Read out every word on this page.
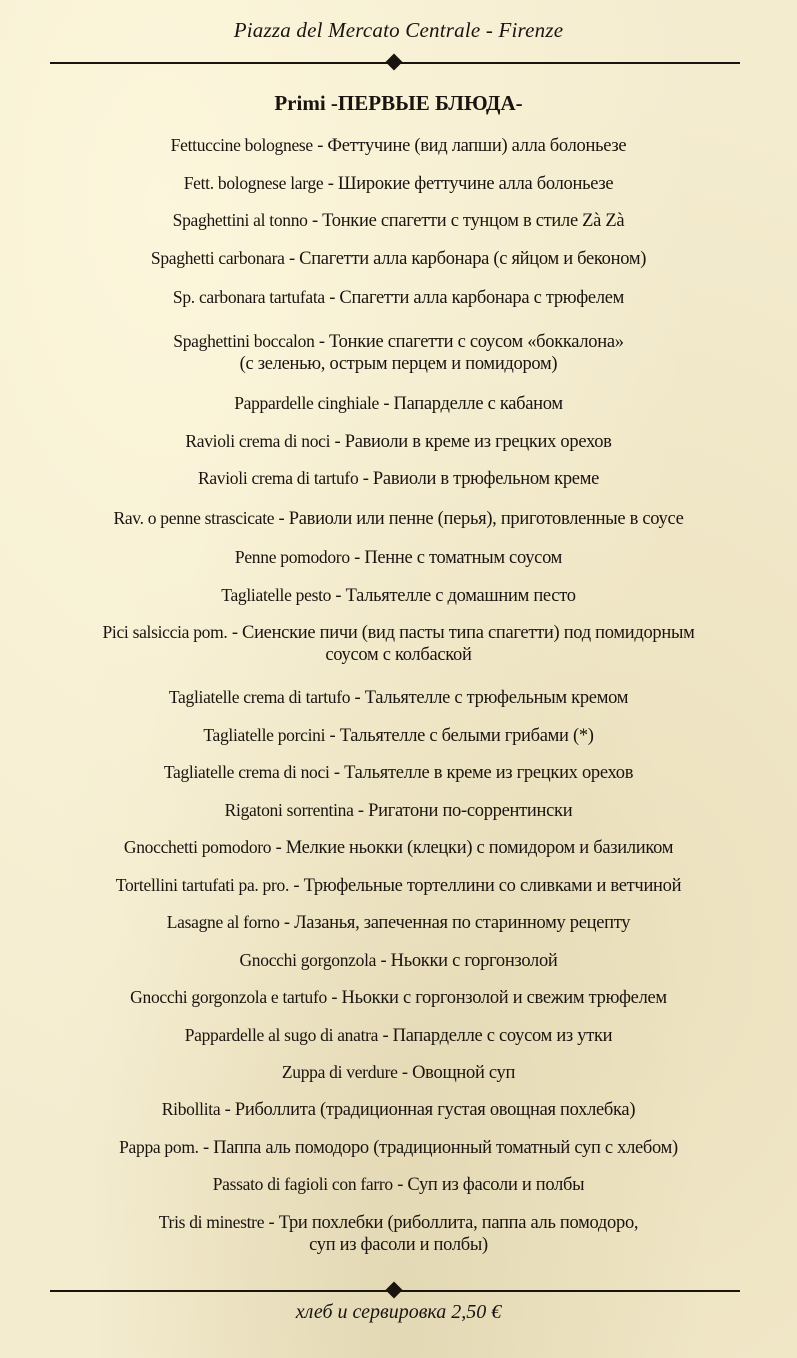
Piazza del Mercato Centrale - Firenze
Primi -ПЕРВЫЕ БЛЮДА-
Fettuccine bolognese - Феттучине (вид лапши) алла болоньезе
Fett. bolognese large - Широкие феттучине алла болоньезе
Spaghettini al tonno - Тонкие спагетти с тунцом в стиле Zà Zà
Spaghetti carbonara - Спагетти алла карбонара (с яйцом и беконом)
Sp. carbonara tartufata - Спагетти алла карбонара с трюфелем
Spaghettini boccalon - Тонкие спагетти с соусом «боккалона»
(с зеленью, острым перцем и помидором)
Pappardelle cinghiale - Папарделле с кабаном
Ravioli crema di noci - Равиоли в креме из грецких орехов
Ravioli crema di tartufo - Равиоли в трюфельном креме
Rav. o penne strascicate - Равиоли или пенне (перья), приготовленные в соусе
Penne pomodoro - Пенне с томатным соусом
Tagliatelle pesto - Тальятелле с домашним песто
Pici salsiccia pom. - Сиенские пичи (вид пасты типа спагетти) под помидорным
соусом с колбаской
Tagliatelle crema di tartufo - Тальятелле с трюфельным кремом
Tagliatelle porcini - Тальятелле с белыми грибами (*)
Tagliatelle crema di noci - Тальятелле в креме из грецких орехов
Rigatoni sorrentina - Ригатони по-соррентински
Gnocchetti pomodoro - Мелкие ньокки (клецки) с помидором и базиликом
Tortellini tartufati pa. pro. - Трюфельные тортеллини со сливками и ветчиной
Lasagne al forno - Лазанья, запеченная по старинному рецепту
Gnocchi gorgonzola - Ньокки с горгонзолой
Gnocchi gorgonzola e tartufo - Ньокки с горгонзолой и свежим трюфелем
Pappardelle al sugo di anatra - Папарделле с соусом из утки
Zuppa di verdure - Овощной суп
Ribollita - Риболлита (традиционная густая овощная похлебка)
Pappa pom. - Паппа аль помодоро (традиционный томатный суп с хлебом)
Passato di fagioli con farro - Суп из фасоли и полбы
Tris di minestre - Три похлебки (риболлита, паппа аль помодоро,
суп из фасоли и полбы)
хлеб и сервировка 2,50 €
